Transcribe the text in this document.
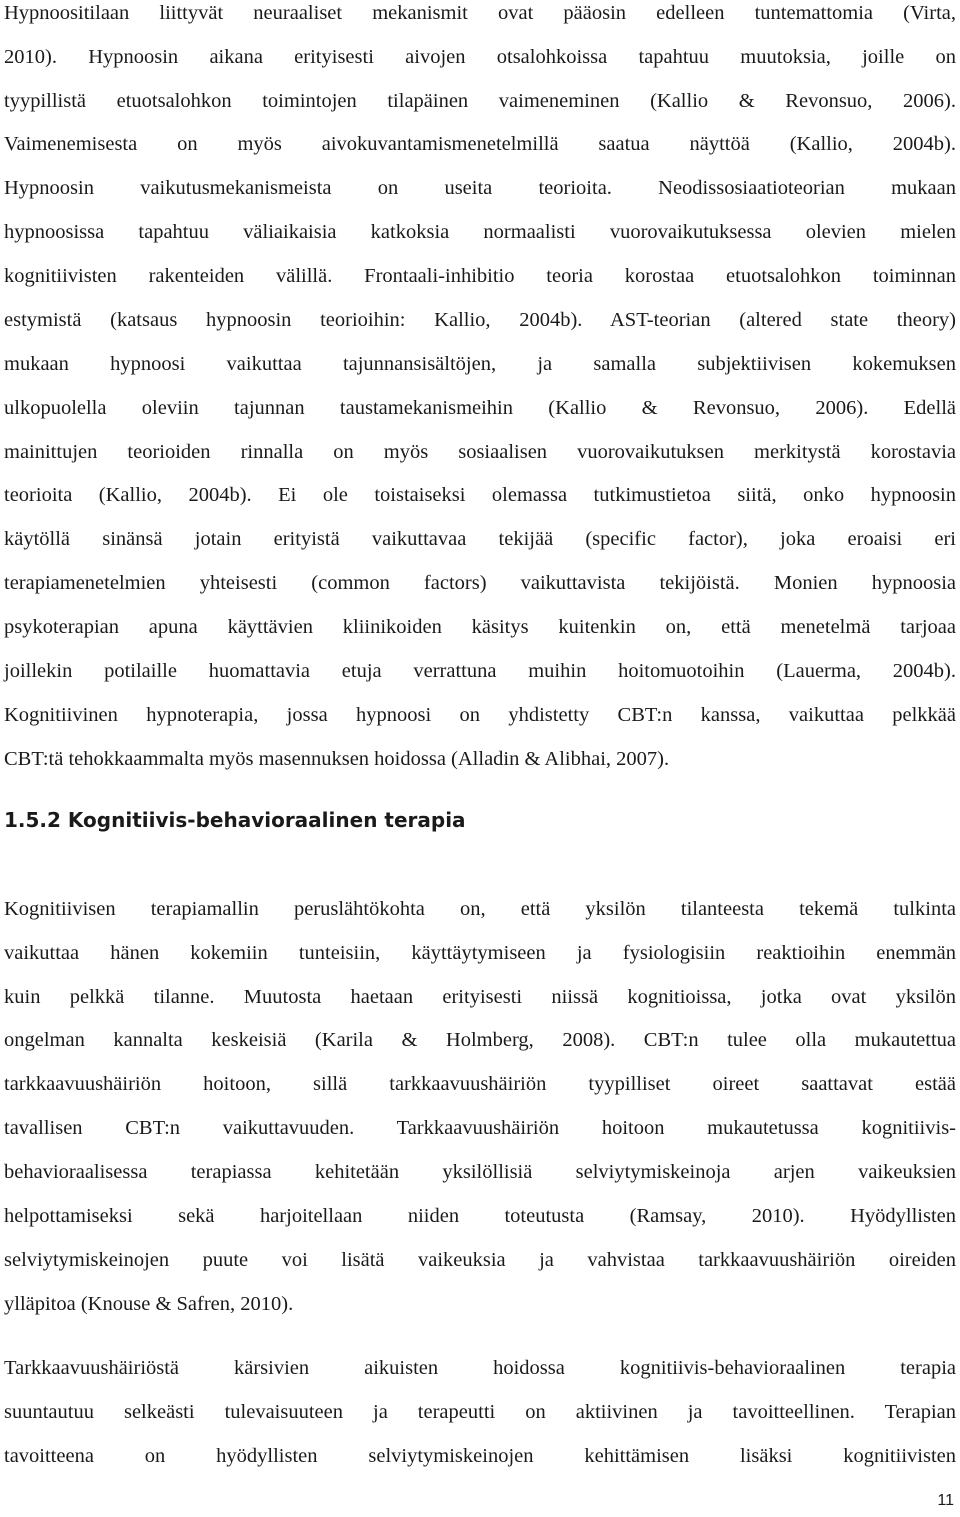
Hypnoositilaan liittyvät neuraaliset mekanismit ovat pääosin edelleen tuntemattomia (Virta,
2010). Hypnoosin aikana erityisesti aivojen otsalohkoissa tapahtuu muutoksia, joille on
tyypillistä etuotsalohkon toimintojen tilapäinen vaimeneminen (Kallio & Revonsuo, 2006).
Vaimenemisesta on myös aivokuvantamismenetelmillä saatua näyttöä (Kallio, 2004b).
Hypnoosin vaikutusmekanismeista on useita teorioita. Neodissosiaatioteorian mukaan
hypnoosissa tapahtuu väliaikaisia katkoksia normaalisti vuorovaikutuksessa olevien mielen
kognitiivisten rakenteiden välillä. Frontaali-inhibitio teoria korostaa etuotsalohkon toiminnan
estymistä (katsaus hypnoosin teorioihin: Kallio, 2004b). AST-teorian (altered state theory)
mukaan hypnoosi vaikuttaa tajunnansisältöjen, ja samalla subjektiivisen kokemuksen
ulkopuolella oleviin tajunnan taustamekanismeihin (Kallio & Revonsuo, 2006). Edellä
mainittujen teorioiden rinnalla on myös sosiaalisen vuorovaikutuksen merkitystä korostavia
teorioita (Kallio, 2004b). Ei ole toistaiseksi olemassa tutkimustietoa siitä, onko hypnoosin
käytöllä sinänsä jotain erityistä vaikuttavaa tekijää (specific factor), joka eroaisi eri
terapiamenetelmien yhteisesti (common factors) vaikuttavista tekijöistä. Monien hypnoosia
psykoterapian apuna käyttävien kliinikoiden käsitys kuitenkin on, että menetelmä tarjoaa
joillekin potilaille huomattavia etuja verrattuna muihin hoitomuotoihin (Lauerma, 2004b).
Kognitiivinen hypnoterapia, jossa hypnoosi on yhdistetty CBT:n kanssa, vaikuttaa pelkkää
CBT:tä tehokkaammalta myös masennuksen hoidossa (Alladin & Alibhai, 2007).
1.5.2 Kognitiivis-behavioraalinen terapia
Kognitiivisen terapiamallin peruslähtökohta on, että yksilön tilanteesta tekemä tulkinta
vaikuttaa hänen kokemiin tunteisiin, käyttäytymiseen ja fysiologisiin reaktioihin enemmän
kuin pelkkä tilanne. Muutosta haetaan erityisesti niissä kognitioissa, jotka ovat yksilön
ongelman kannalta keskeisiä (Karila & Holmberg, 2008). CBT:n tulee olla mukautettua
tarkkaavuushäiriön hoitoon, sillä tarkkaavuushäiriön tyypilliset oireet saattavat estää
tavallisen CBT:n vaikuttavuuden. Tarkkaavuushäiriön hoitoon mukautetussa kognitiivis-
behavioraalisessa terapiassa kehitetään yksilöllisiä selviytymiskeinoja arjen vaikeuksien
helpottamiseksi sekä harjoitellaan niiden toteutusta (Ramsay, 2010). Hyödyllisten
selviytymiskeinojen puute voi lisätä vaikeuksia ja vahvistaa tarkkaavuushäiriön oireiden
ylläpitoa (Knouse & Safren, 2010).
Tarkkaavuushäiriöstä kärsivien aikuisten hoidossa kognitiivis-behavioraalinen terapia
suuntautuu selkeästi tulevaisuuteen ja terapeutti on aktiivinen ja tavoitteellinen. Terapian
tavoitteena on hyödyllisten selviytymiskeinojen kehittämisen lisäksi kognitiivisten
11
